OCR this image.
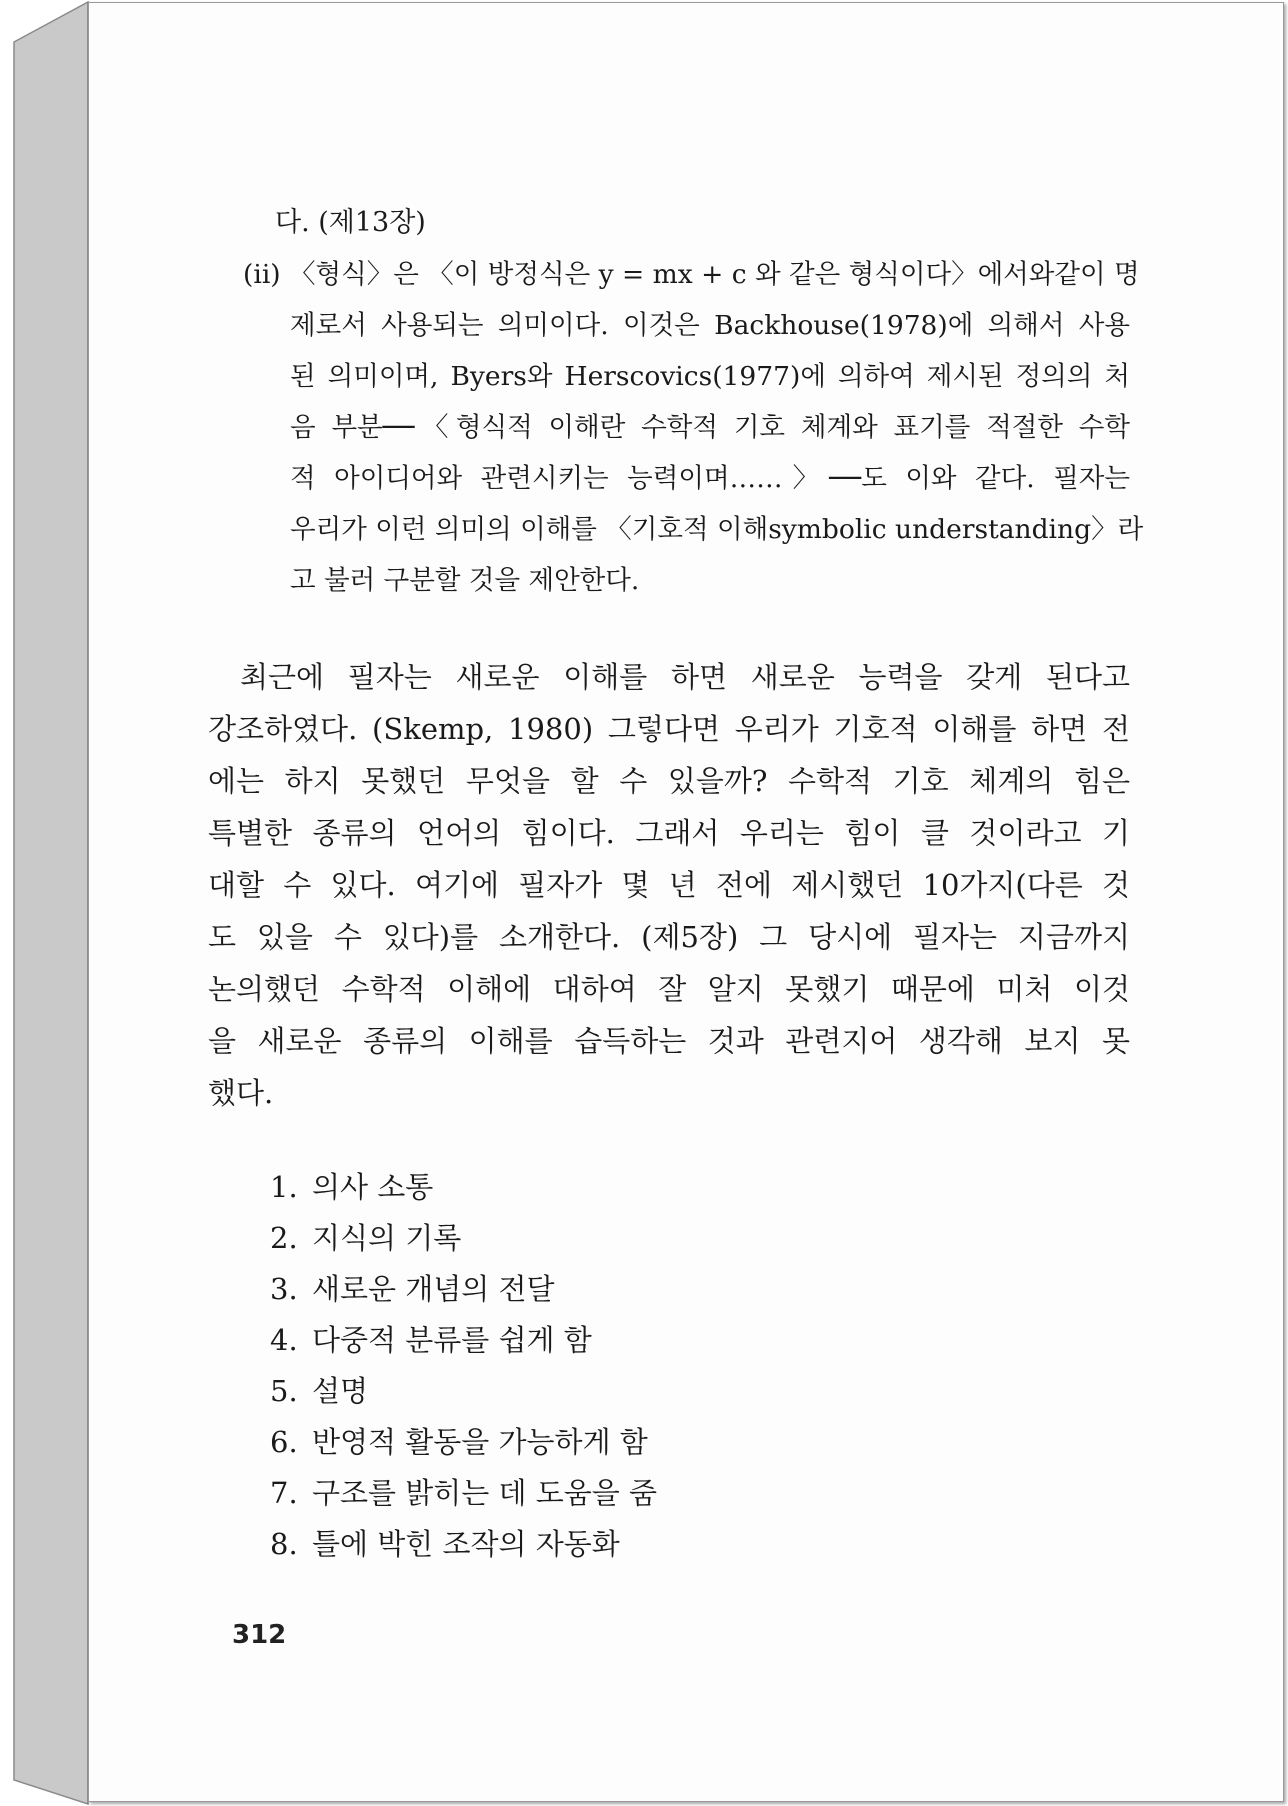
다. (제13장)
(ii) 〈형식〉은 〈이 방정식은 y = mx + c 와 같은 형식이다〉에서와같이 명
제로서 사용되는 의미이다. 이것은 Backhouse(1978)에 의해서 사용
된 의미이며, Byers와 Herscovics(1977)에 의하여 제시된 정의의 처
음 부분──〈형식적 이해란 수학적 기호 체계와 표기를 적절한 수학
적 아이디어와 관련시키는 능력이며……〉──도 이와 같다. 필자는
우리가 이런 의미의 이해를 〈기호적 이해symbolic understanding〉라
고 불러 구분할 것을 제안한다.
최근에 필자는 새로운 이해를 하면 새로운 능력을 갖게 된다고
강조하였다. (Skemp, 1980) 그렇다면 우리가 기호적 이해를 하면 전
에는 하지 못했던 무엇을 할 수 있을까? 수학적 기호 체계의 힘은
특별한 종류의 언어의 힘이다. 그래서 우리는 힘이 클 것이라고 기
대할 수 있다. 여기에 필자가 몇 년 전에 제시했던 10가지(다른 것
도 있을 수 있다)를 소개한다. (제5장) 그 당시에 필자는 지금까지
논의했던 수학적 이해에 대하여 잘 알지 못했기 때문에 미처 이것
을 새로운 종류의 이해를 습득하는 것과 관련지어 생각해 보지 못
했다.
1. 의사 소통
2. 지식의 기록
3. 새로운 개념의 전달
4. 다중적 분류를 쉽게 함
5. 설명
6. 반영적 활동을 가능하게 함
7. 구조를 밝히는 데 도움을 줌
8. 틀에 박힌 조작의 자동화
312
